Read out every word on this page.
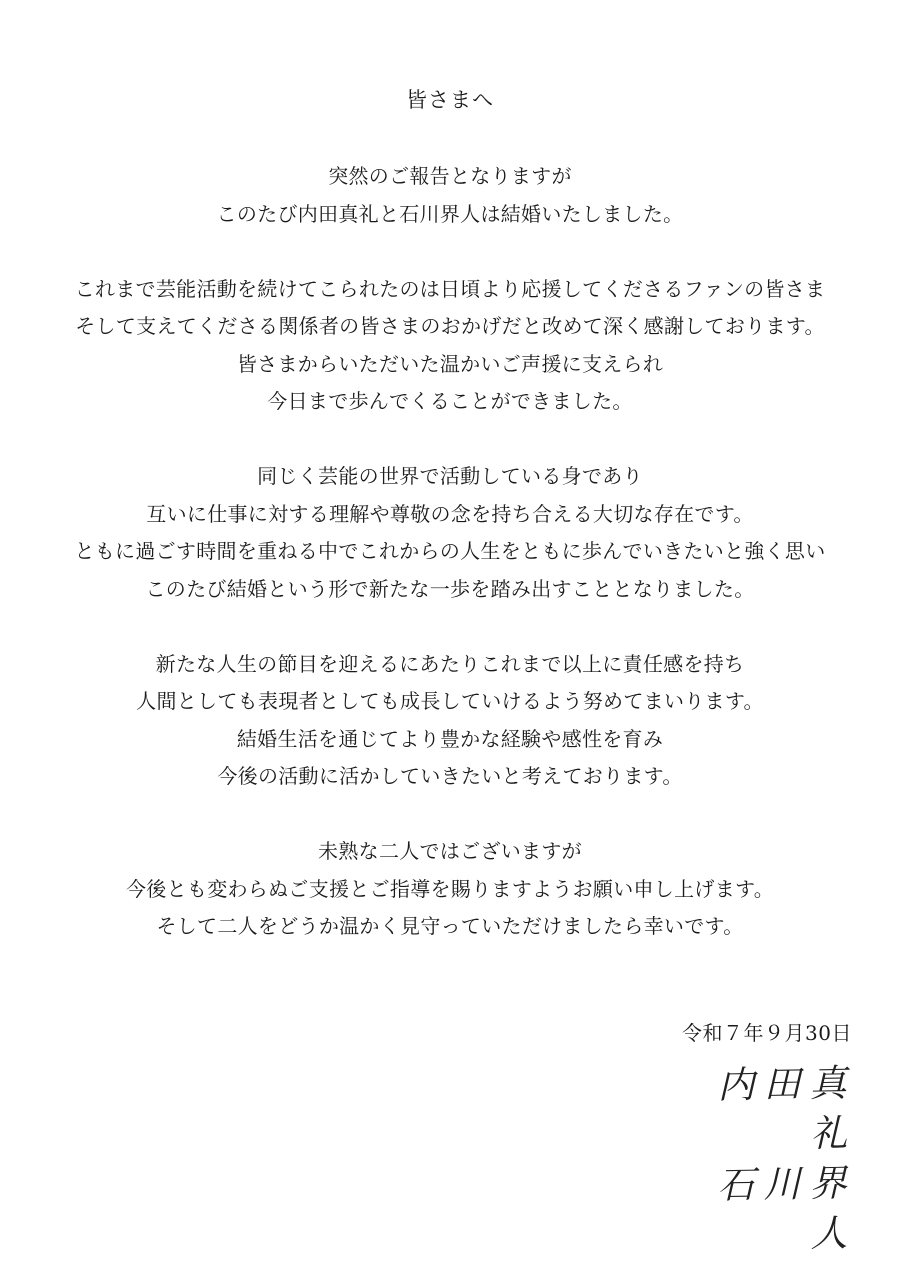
皆さまへ

突然のご報告となりますが
このたび内田真礼と石川界人は結婚いたしました。

これまで芸能活動を続けてこられたのは日頃より応援してくださるファンの皆さま
そして支えてくださる関係者の皆さまのおかげだと改めて深く感謝しております。
皆さまからいただいた温かいご声援に支えられ
今日まで歩んでくることができました。

同じく芸能の世界で活動している身であり
互いに仕事に対する理解や尊敬の念を持ち合える大切な存在です。
ともに過ごす時間を重ねる中でこれからの人生をともに歩んでいきたいと強く思い
このたび結婚という形で新たな一歩を踏み出すこととなりました。

新たな人生の節目を迎えるにあたりこれまで以上に責任感を持ち
人間としても表現者としても成長していけるよう努めてまいります。
結婚生活を通じてより豊かな経験や感性を育み
今後の活動に活かしていきたいと考えております。

未熟な二人ではございますが
今後とも変わらぬご支援とご指導を賜りますようお願い申し上げます。
そして二人をどうか温かく見守っていただけましたら幸いです。

令和７年９月30日

内田真礼
石川界人
